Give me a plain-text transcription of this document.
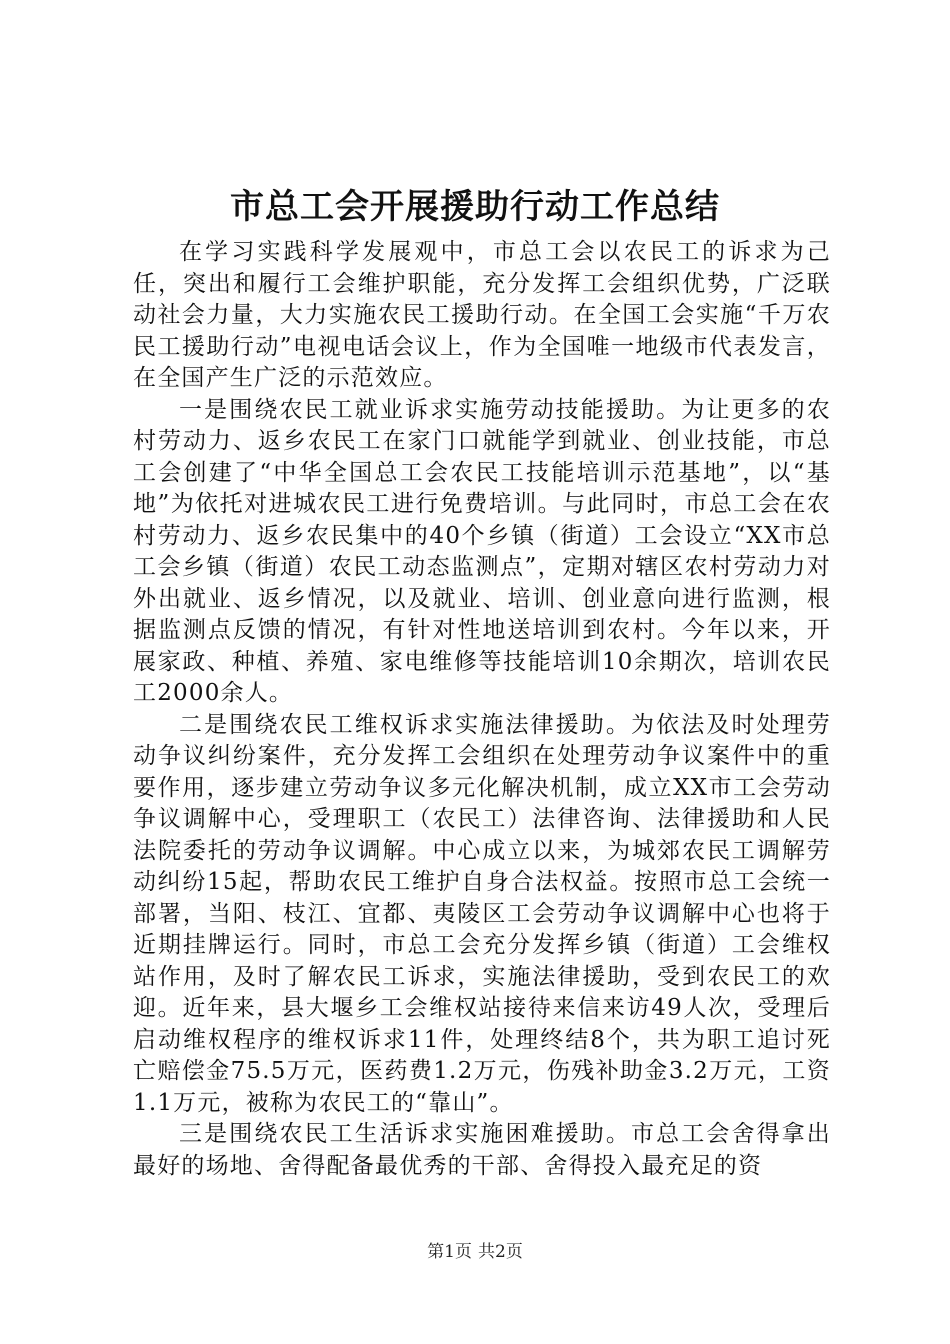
市总工会开展援助行动工作总结

在学习实践科学发展观中，市总工会以农民工的诉求为己任，突出和履行工会维护职能，充分发挥工会组织优势，广泛联动社会力量，大力实施农民工援助行动。在全国工会实施“千万农民工援助行动”电视电话会议上，作为全国唯一地级市代表发言，在全国产生广泛的示范效应。

一是围绕农民工就业诉求实施劳动技能援助。为让更多的农村劳动力、返乡农民工在家门口就能学到就业、创业技能，市总工会创建了“中华全国总工会农民工技能培训示范基地”，以“基地”为依托对进城农民工进行免费培训。与此同时，市总工会在农村劳动力、返乡农民集中的40个乡镇（街道）工会设立“XX市总工会乡镇（街道）农民工动态监测点”，定期对辖区农村劳动力对外出就业、返乡情况，以及就业、培训、创业意向进行监测，根据监测点反馈的情况，有针对性地送培训到农村。今年以来，开展家政、种植、养殖、家电维修等技能培训10余期次，培训农民工2000余人。

二是围绕农民工维权诉求实施法律援助。为依法及时处理劳动争议纠纷案件，充分发挥工会组织在处理劳动争议案件中的重要作用，逐步建立劳动争议多元化解决机制，成立XX市工会劳动争议调解中心，受理职工（农民工）法律咨询、法律援助和人民法院委托的劳动争议调解。中心成立以来，为城郊农民工调解劳动纠纷15起，帮助农民工维护自身合法权益。按照市总工会统一部署，当阳、枝江、宜都、夷陵区工会劳动争议调解中心也将于近期挂牌运行。同时，市总工会充分发挥乡镇（街道）工会维权站作用，及时了解农民工诉求，实施法律援助，受到农民工的欢迎。近年来，县大堰乡工会维权站接待来信来访49人次，受理后启动维权程序的维权诉求11件，处理终结8个，共为职工追讨死亡赔偿金75.5万元，医药费1.2万元，伤残补助金3.2万元，工资1.1万元，被称为农民工的“靠山”。

三是围绕农民工生活诉求实施困难援助。市总工会舍得拿出最好的场地、舍得配备最优秀的干部、舍得投入最充足的资

第1页 共2页
